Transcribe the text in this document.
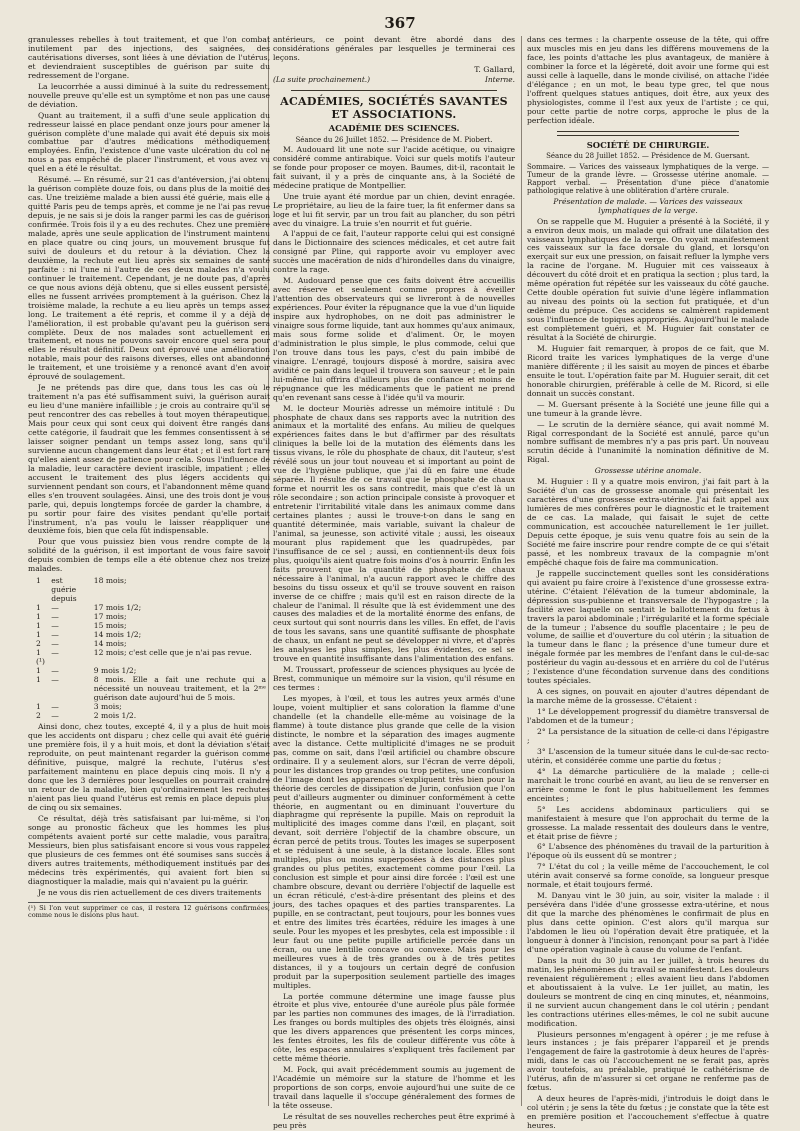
367

granulesses rebelles à tout traitement, et que l'on combat inutilement par des injections, des saignées, des cautérisations diverses, sont liées à une déviation de l'utérus, et deviendraient susceptibles de guérison par suite du redressement de l'organe.

La leucorrhée a aussi diminué à la suite du redressement, nouvelle preuve qu'elle est un symptôme et non pas une cause de déviation.

Quant au traitement, il a suffi d'une seule application du redresseur laissé en place pendant onze jours pour amener la guérison complète d'une malade qui avait été depuis six mois combattue par d'autres médications méthodiquement employées. Enfin, l'existence d'une vaste ulcération du col ne nous a pas empêché de placer l'instrument, et vous avez vu quel en a été le résultat.

Résumé. — En résumé, sur 21 cas d'antéversion, j'ai obtenu la guérison complète douze fois, ou dans plus de la moitié des cas. Une treizième malade a bien aussi été guérie, mais elle a quitté Paris peu de temps après, et comme je ne l'ai pas revue depuis, je ne sais si je dois la ranger parmi les cas de guérison confirmée. Trois fois il y a eu des rechutes. Chez une première malade, après une seule application de l'instrument maintenu en place quatre ou cinq jours, un mouvement brusque fut suivi de douleurs et du retour à la déviation. Chez la deuxième, la rechute eut lieu après six semaines de santé parfaite : ni l'une ni l'autre de ces deux malades n'a voulu continuer le traitement. Cependant, je ne doute pas, d'après ce que nous avions déjà obtenu, que si elles eussent persisté, elles ne fussent arrivées promptement à la guérison. Chez la troisième malade, la rechute a eu lieu après un temps assez long. Le traitement a été repris, et comme il y a déjà de l'amélioration, il est probable qu'avant peu la guérison sera complète. Deux de nos malades sont actuellement en traitement, et nous ne pouvons savoir encore quel sera pour elles le résultat définitif. Deux ont éprouvé une amélioration notable, mais pour des raisons diverses, elles ont abandonné le traitement, et une troisième y a renoncé avant d'en avoir éprouvé de soulagement.

Je ne prétends pas dire que, dans tous les cas où le traitement n'a pas été suffisamment suivi, la guérison aurait eu lieu d'une manière infaillible ; je crois au contraire qu'il se peut rencontrer des cas rebelles à tout moyen thérapeutique. Mais pour ceux qui sont ceux qui doivent être rangés dans cette catégorie, il faudrait que les femmes consentissent à se laisser soigner pendant un temps assez long, sans qu'il survienne aucun changement dans leur état ; et il est fort rare qu'elles aient assez de patience pour cela. Sous l'influence de la maladie, leur caractère devient irascible, impatient ; elles accusent le traitement des plus légers accidents qui surviennent pendant son cours, et l'abandonnent même quand elles s'en trouvent soulagées. Ainsi, une des trois dont je vous parle, qui, depuis longtemps forcée de garder la chambre, a pu sortir pour faire des visites pendant qu'elle portait l'instrument, n'a pas voulu le laisser réappliquer une deuxième fois, bien que cela fût indispensable.

Pour que vous puissiez bien vous rendre compte de la solidité de la guérison, il est important de vous faire savoir depuis combien de temps elle a été obtenue chez nos treize malades.

1	est guérie depuis	18 mois;
1	—	17 mois 1/2;
1	—	17 mois;
1	—	15 mois;
1	—	14 mois 1/2;
2	—	14 mois;
1 (¹)	—	12 mois; c'est celle que je n'ai pas revue.
1	—	9 mois 1/2;
1	—	8 mois. Elle a fait une rechute qui a nécessité un nouveau traitement, et la 2ᵐᵉ guérison date aujourd'hui de 5 mois.
1	—	3 mois;
2	—	2 mois 1/2.

Ainsi donc, chez toutes, excepté 4, il y a plus de huit mois que les accidents ont disparu ; chez celle qui avait été guérie une première fois, il y a huit mois, et dont la déviation s'était reproduite, on peut maintenant regarder la guérison comme définitive, puisque, malgré la rechute, l'utérus s'est parfaitement maintenu en place depuis cinq mois. Il n'y a donc que les 3 dernières pour lesquelles on pourrait craindre un retour de la maladie, bien qu'ordinairement les rechutes n'aient pas lieu quand l'utérus est remis en place depuis plus de cinq ou six semaines.

Ce résultat, déjà très satisfaisant par lui-même, si l'on songe au pronostic fâcheux que les hommes les plus compétents avaient porté sur cette maladie, vous paraîtra, Messieurs, bien plus satisfaisant encore si vous vous rappelez que plusieurs de ces femmes ont été soumises sans succès à divers autres traitements, méthodiquement institués par des médecins très expérimentés, qui avaient fort bien su diagnostiquer la maladie, mais qui n'avaient pu la guérir.

Je ne vous dis rien actuellement de ces divers traitements

(¹) Si l'on veut supprimer ce cas, il restera 12 guérisons confirmées, comme nous le disions plus haut.

antérieurs, ce point devant être abordé dans des considérations générales par lesquelles je terminerai ces leçons.

T. Gallard,
(La suite prochainement.)	Interne.

ACADÉMIES, SOCIÉTÉS SAVANTES ET ASSOCIATIONS.

ACADÉMIE DES SCIENCES.

Séance du 26 Juillet 1852. — Présidence de M. Piobert.

M. Audouard lit une note sur l'acide acétique, ou vinaigre considéré comme antirabique. Voici sur quels motifs l'auteur se fonde pour proposer ce moyen. Baumes, dit-il, racontait le fait suivant, il y a près de cinquante ans, à la Société de médecine pratique de Montpellier.

Une truie ayant été mordue par un chien, devint enragée. Le propriétaire, au lieu de la faire tuer, la fit enfermer dans sa loge et lui fit servir, par un trou fait au plancher, du son pétri avec du vinaigre. La truie s'en nourrit et fut guérie.

A l'appui de ce fait, l'auteur rapporte celui qui est consigné dans le Dictionnaire des sciences médicales, et cet autre fait consigné par Pline, qui rapporte avoir vu employer avec succès une macération de nids d'hirondelles dans du vinaigre, contre la rage.

M. Audouard pense que ces faits doivent être accueillis avec réserve et seulement comme propres à éveiller l'attention des observateurs qui se livreront à de nouvelles expériences. Pour éviter la répugnance que la vue d'un liquide inspire aux hydrophobes, on ne doit pas administrer le vinaigre sous forme liquide, tant aux hommes qu'aux animaux, mais sous forme solide et d'aliment. Or, le moyen d'administration le plus simple, le plus commode, celui que l'on trouve dans tous les pays, c'est du pain imbibé de vinaigre. L'enragé, toujours disposé à mordre, saisira avec avidité ce pain dans lequel il trouvera son sauveur ; et le pain lui-même lui offrira d'ailleurs plus de confiance et moins de répugnance que les médicaments que le patient ne prend qu'en revenant sans cesse à l'idée qu'il va mourir.

M. le docteur Mouriès adresse un mémoire intitulé : Du phosphate de chaux dans ses rapports avec la nutrition des animaux et la mortalité des enfans. Au milieu de quelques expériences faites dans le but d'affirmer par des résultats cliniques la belle loi de la mutation des éléments dans les tissus vivans, le rôle du phosphate de chaux, dit l'auteur, s'est révélé sous un jour tout nouveau et si important au point de vue de l'hygiène publique, que j'ai dû en faire une étude séparée. Il résulte de ce travail que le phosphate de chaux forme et nourrit les os sans contredit, mais que c'est là un rôle secondaire ; son action principale consiste à provoquer et entretenir l'irritabilité vitale dans les animaux comme dans certaines plantes ; aussi le trouve-t-on dans le sang en quantité déterminée, mais variable, suivant la chaleur de l'animal, sa jeunesse, son activité vitale ; aussi, les oiseaux mourant plus rapidement que les quadrupèdes, par l'insuffisance de ce sel ; aussi, en contiennent-ils deux fois plus, quoiqu'ils aient quatre fois moins d'os à nourrir. Enfin les faits prouvent que la quantité de phosphate de chaux nécessaire à l'animal, n'a aucun rapport avec le chiffre des besoins du tissu osseux et qu'il se trouve souvent en raison inverse de ce chiffre ; mais qu'il est en raison directe de la chaleur de l'animal. Il résulte que là est évidemment une des causes des maladies et de la mortalité énorme des enfans, de ceux surtout qui sont nourris dans les villes. En effet, de l'avis de tous les savans, sans une quantité suffisante de phosphate de chaux, un enfant ne peut se développer ni vivre, et d'après les analyses les plus simples, les plus évidentes, ce sel se trouve en quantité insuffisante dans l'alimentation des enfans.

M. Troussart, professeur de sciences physiques au lycée de Brest, communique un mémoire sur la vision, qu'il résume en ces termes :

Les myopes, à l'œil, et tous les autres yeux armés d'une loupe, voient multiplier et sans coloration la flamme d'une chandelle (et la chandelle elle-même au voisinage de la flamme) à toute distance plus grande que celle de la vision distincte, le nombre et la séparation des images augmente avec la distance. Cette multiplicité d'images ne se produit pas, comme on sait, dans l'œil artificiel ou chambre obscure ordinaire. Il y a seulement alors, sur l'écran de verre dépoli, pour les distances trop grandes ou trop petites, une confusion de l'image dont les apparences s'expliquent très bien pour la théorie des cercles de dissipation de Jurin, confusion que l'on peut d'ailleurs augmenter ou diminuer conformément à cette théorie, en augmentant ou en diminuant l'ouverture du diaphragme qui représente la pupille. Mais on reproduit la multiplicité des images comme dans l'œil, en plaçant, soit devant, soit derrière l'objectif de la chambre obscure, un écran percé de petits trous. Toutes les images se superposent et se réduisent à une seule, à la distance locale. Elles sont multiples, plus ou moins superposées à des distances plus grandes ou plus petites, exactement comme pour l'œil. La conclusion est simple et pour ainsi dire forcée : l'œil est une chambre obscure, devant ou derrière l'objectif de laquelle est un écran réticulé, c'est-à-dire présentant des pleins et des jours, des taches opaques et des parties transparentes. La pupille, en se contractant, peut toujours, pour les bonnes vues et entre des limites très écartées, réduire les images à une seule. Pour les myopes et les presbytes, cela est impossible : il leur faut ou une petite pupille artificielle percée dans un écran, ou une lentille concave ou convexe. Mais pour les meilleures vues à de très grandes ou à de très petites distances, il y a toujours un certain degré de confusion produit par la superposition seulement partielle des images multiples.

La portée commune détermine une image fausse plus étroite et plus vive, entourée d'une auréole plus pâle formée par les parties non communes des images, de là l'irradiation. Les franges ou bords multiples des objets très éloignés, ainsi que les divers apparences que présentent les corps minces, les fentes étroites, les fils de couleur différente vus côte à côte, les espaces annulaires s'expliquent très facilement par cette même théorie.

M. Fock, qui avait précédemment soumis au jugement de l'Académie un mémoire sur la stature de l'homme et les proportions de son corps, envoie aujourd'hui une suite de ce travail dans laquelle il s'occupe généralement des formes de la tête osseuse.

Le résultat de ses nouvelles recherches peut être exprimé à peu près

dans ces termes : la charpente osseuse de la tête, qui offre aux muscles mis en jeu dans les différens mouvemens de la face, les points d'attache les plus avantageux, de manière à combiner la force et la légèreté, doit avoir une forme qui est aussi celle à laquelle, dans le monde civilisé, on attache l'idée d'élégance ; en un mot, le beau type grec, tel que nous l'offrent quelques statues antiques, doit être, aux yeux des physiologistes, comme il l'est aux yeux de l'artiste ; ce qui, pour cette partie de notre corps, approche le plus de la perfection idéale.

SOCIÉTÉ DE CHIRURGIE.

Séance du 28 Juillet 1852. — Présidence de M. Guersant.

Sommaire. — Varices des vaisseaux lymphatiques de la verge. — Tumeur de la grande lèvre. — Grossesse utérine anomale. — Rapport verbal. — Présentation d'une pièce d'anatomie pathologique relative à une oblitération d'artère crurale.

Présentation de malade. — Varices des vaisseaux lymphatiques de la verge.

On se rappelle que M. Huguier a présenté à la Société, il y a environ deux mois, un malade qui offrait une dilatation des vaisseaux lymphatiques de la verge. On voyait manifestement ces vaisseaux sur la face dorsale du gland, et lorsqu'on exerçait sur eux une pression, on faisait refluer la lymphe vers la racine de l'organe. M. Huguier mit ces vaisseaux à découvert du côté droit et en pratiqua la section ; plus tard, la même opération fut répétée sur les vaisseaux du côté gauche. Cette double opération fut suivie d'une légère inflammation au niveau des points où la section fut pratiquée, et d'un œdème du prépuce. Ces accidens se calmèrent rapidement sous l'influence de topiques appropriés. Aujourd'hui le malade est complètement guéri, et M. Huguier fait constater ce résultat à la Société de chirurgie.

M. Huguier fait remarquer, à propos de ce fait, que M. Ricord traite les varices lymphatiques de la verge d'une manière différente ; il les saisit au moyen de pinces et ébarbe ensuite le tout. L'opération faite par M. Huguier serait, dit cet honorable chirurgien, préférable à celle de M. Ricord, si elle donnait un succès constant.

— M. Guersant présente à la Société une jeune fille qui a une tumeur à la grande lèvre.

— Le scrutin de la dernière séance, qui avait nommé M. Rigal correspondant de la Société est annulé, parce qu'un nombre suffisant de membres n'y a pas pris part. Un nouveau scrutin décide à l'unanimité la nomination définitive de M. Rigal.

Grossesse utérine anomale.

M. Huguier : Il y a quatre mois environ, j'ai fait part à la Société d'un cas de grossesse anomale qui présentait les caractères d'une grossesse extra-utérine. J'ai fait appel aux lumières de mes confrères pour le diagnostic et le traitement de ce cas. La malade, qui faisait le sujet de cette communication, est accouchée naturellement le 1er juillet. Depuis cette époque, je suis venu quatre fois au sein de la Société me faire inscrire pour rendre compte de ce qui s'était passé, et les nombreux travaux de la compagnie m'ont empêché chaque fois de faire ma communication.

Je rappelle succinctement quelles sont les considérations qui avaient pu faire croire à l'existence d'une grossesse extra-utérine. C'étaient l'élévation de la tumeur abdominale, la dépression sus-pubienne et transversale de l'hypogastre ; la facilité avec laquelle on sentait le ballottement du fœtus à travers la paroi abdominale ; l'irrégularité et la forme spéciale de la tumeur ; l'absence du souffle placentaire ; le peu de volume, de saillie et d'ouverture du col utérin ; la situation de la tumeur dans le flanc ; la présence d'une tumeur dure et inégale formée par les membres de l'enfant dans le cul-de-sac postérieur du vagin au-dessous et en arrière du col de l'utérus ; l'existence d'une fécondation survenue dans des conditions toutes spéciales.

A ces signes, on pouvait en ajouter d'autres dépendant de la marche même de la grossesse. C'étaient :

1° Le développement progressif du diamètre transversal de l'abdomen et de la tumeur ;

2° La persistance de la situation de celle-ci dans l'épigastre ;

3° L'ascension de la tumeur située dans le cul-de-sac recto-utérin, et considérée comme une partie du fœtus ;

4° La démarche particulière de la malade ; celle-ci marchait le tronc courbé en avant, au lieu de se renverser en arrière comme le font le plus habituellement les femmes enceintes ;

5° Les accidens abdominaux particuliers qui se manifestaient à mesure que l'on approchait du terme de la grossesse. La malade ressentait des douleurs dans le ventre, et était prise de fièvre ;

6° L'absence des phénomènes du travail de la parturition à l'époque où ils eussent dû se montrer ;

7° L'état du col ; la veille même de l'accouchement, le col utérin avait conservé sa forme conoïde, sa longueur presque normale, et était toujours fermé.

M. Danyau vint le 30 juin, au soir, visiter la malade : il persévéra dans l'idée d'une grossesse extra-utérine, et nous dit que la marche des phénomènes le confirmait de plus en plus dans cette opinion. C'est alors qu'il marqua sur l'abdomen le lieu où l'opération devait être pratiquée, et la longueur à donner à l'incision, renonçant pour sa part à l'idée d'une opération vaginale à cause du volume de l'enfant.

Dans la nuit du 30 juin au 1er juillet, à trois heures du matin, les phénomènes du travail se manifestent. Les douleurs revenaient régulièrement ; elles avaient lieu dans l'abdomen et aboutissaient à la vulve. Le 1er juillet, au matin, les douleurs se montrent de cinq en cinq minutes, et, néanmoins, il ne survient aucun changement dans le col utérin ; pendant les contractions utérines elles-mêmes, le col ne subit aucune modification.

Plusieurs personnes m'engagent à opérer ; je me refuse à leurs instances ; je fais préparer l'appareil et je prends l'engagement de faire la gastrotomie à deux heures de l'après-midi, dans le cas où l'accouchement ne se ferait pas, après avoir toutefois, au préalable, pratiqué le cathétérisme de l'utérus, afin de m'assurer si cet organe ne renferme pas de fœtus.

A deux heures de l'après-midi, j'introduis le doigt dans le col utérin ; je sens la tête du fœtus ; je constate que la tête est en première position et l'accouchement s'effectue à quatre heures.
